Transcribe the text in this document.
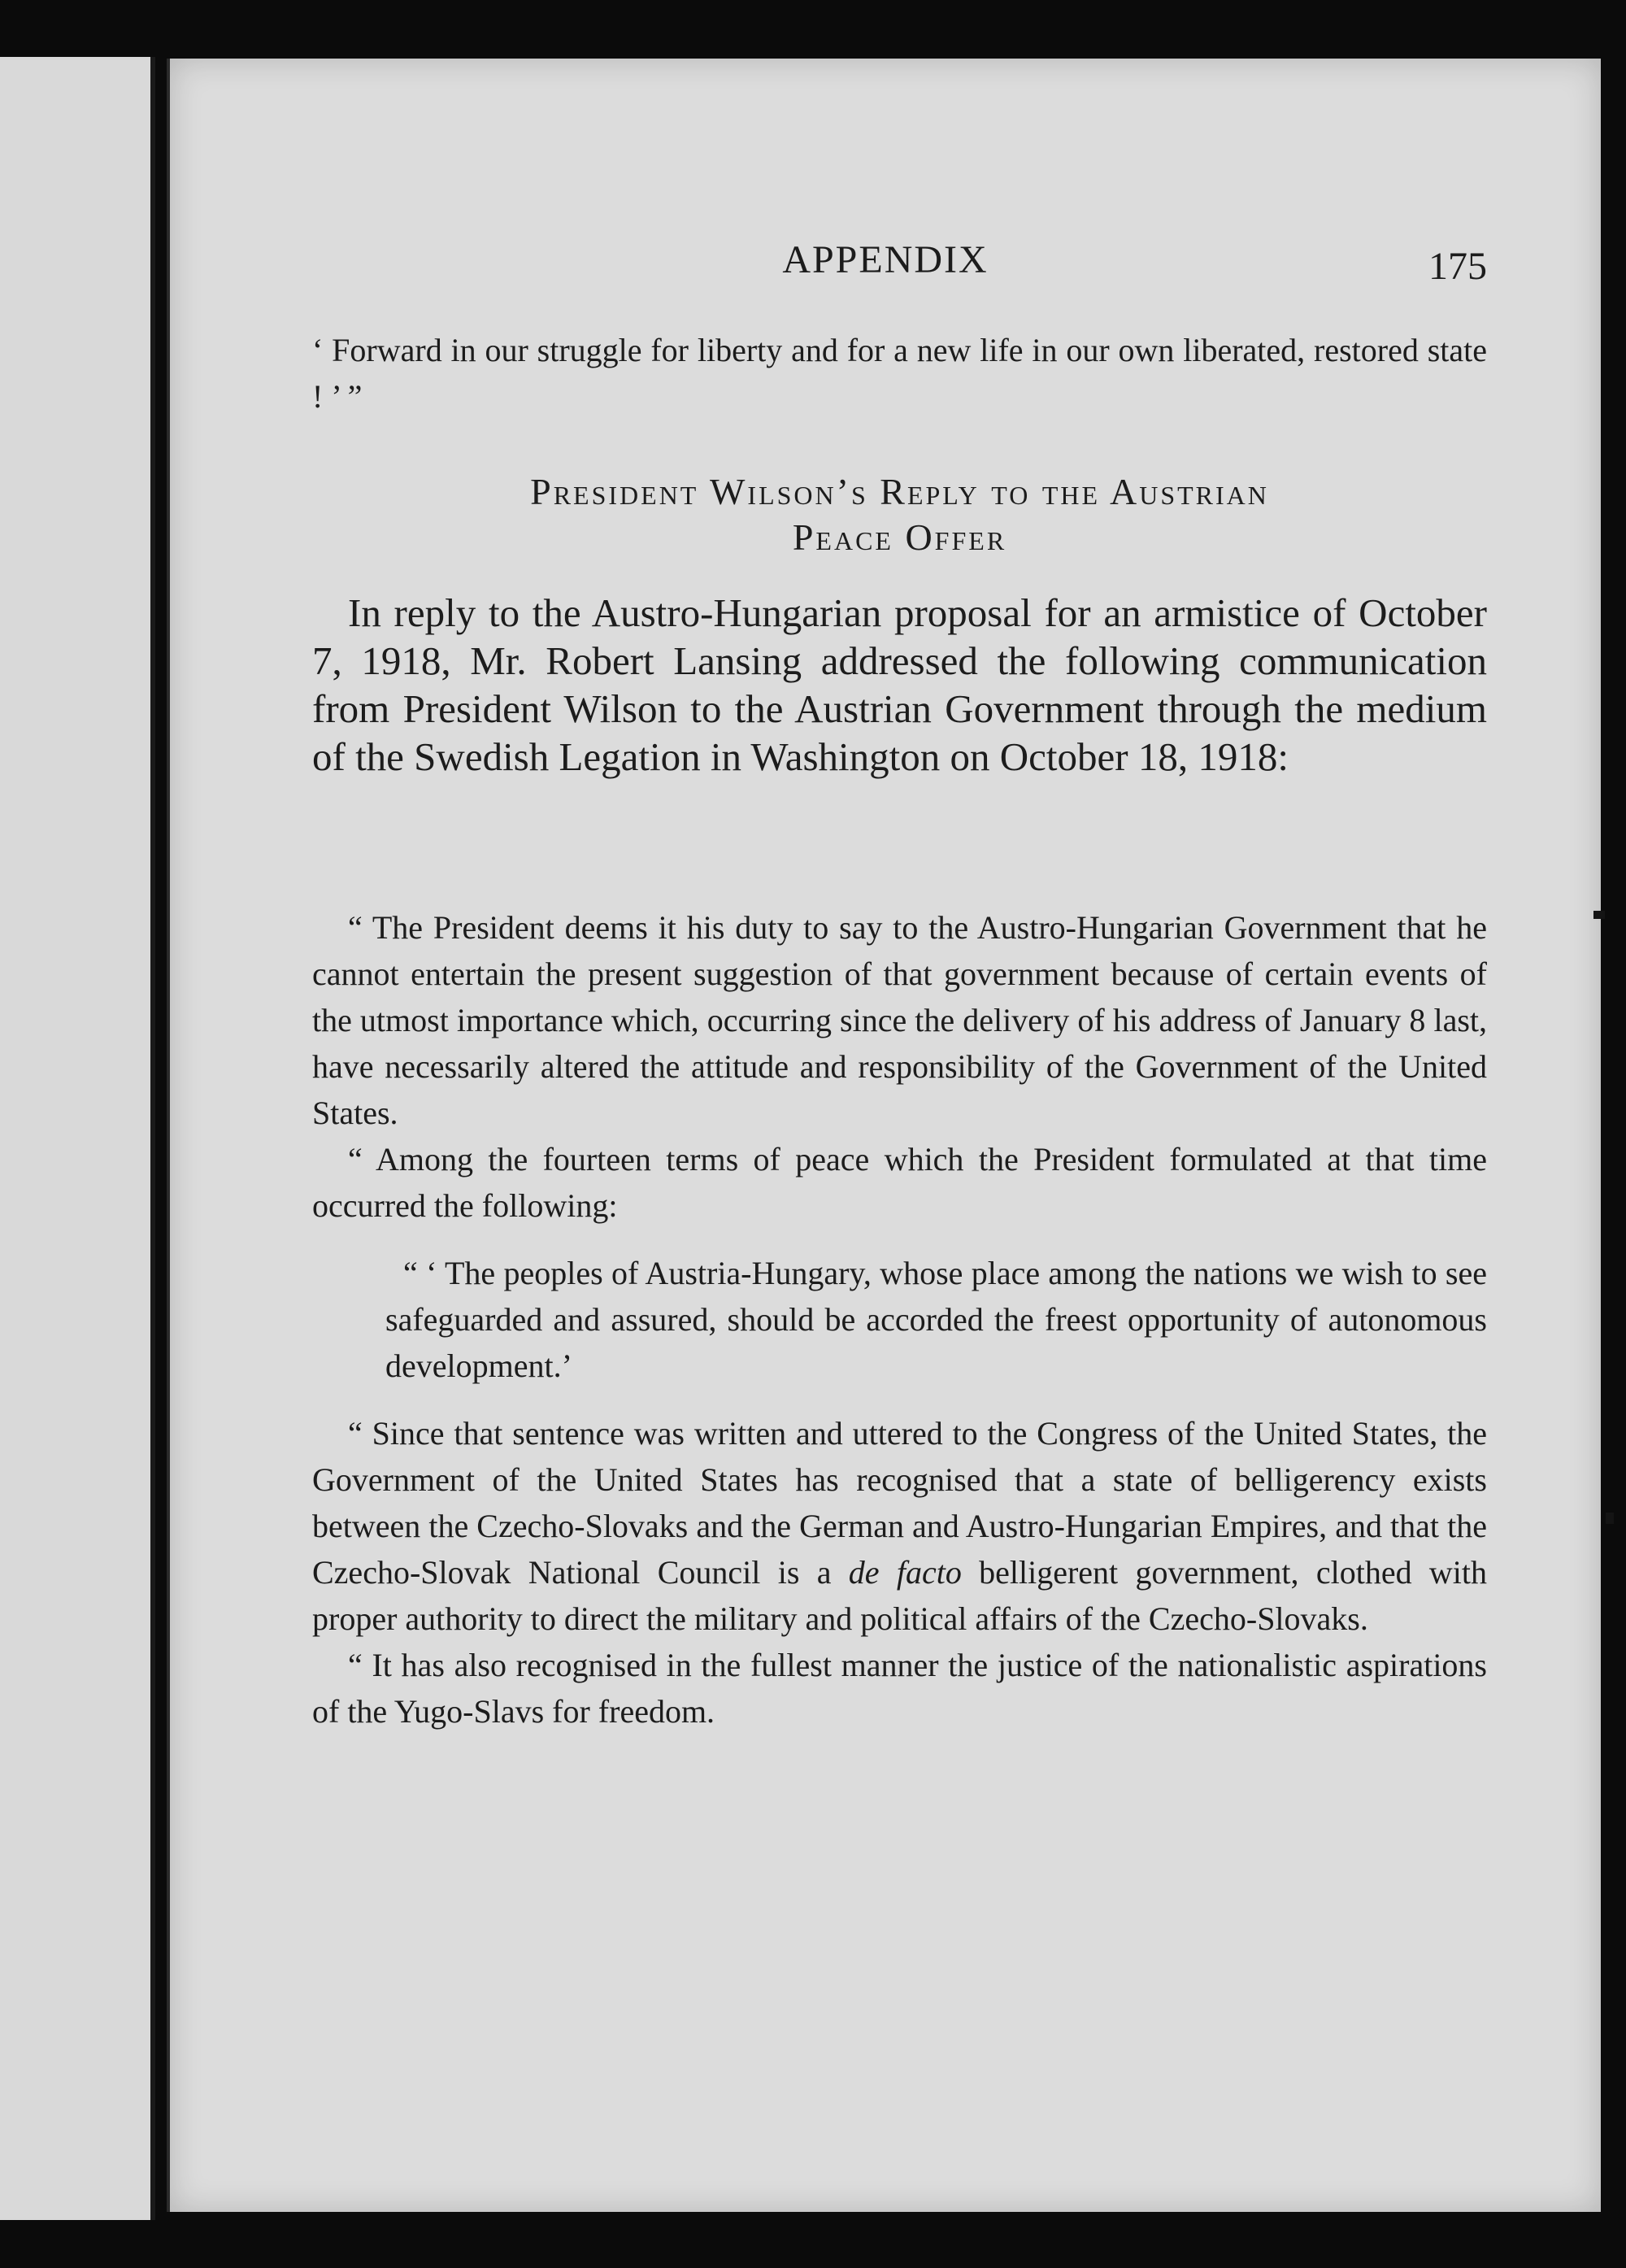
APPENDIX	175

‘ Forward in our struggle for liberty and for a new life in our own liberated, restored state ! ’ ”

President Wilson’s Reply to the Austrian
Peace Offer

In reply to the Austro-Hungarian proposal for an armistice of October 7, 1918, Mr. Robert Lansing addressed the following communication from President Wilson to the Austrian Government through the medium of the Swedish Legation in Washington on October 18, 1918:

“ The President deems it his duty to say to the Austro-Hungarian Government that he cannot entertain the present suggestion of that government because of certain events of the utmost importance which, occurring since the delivery of his address of January 8 last, have necessarily altered the attitude and responsibility of the Government of the United States.

“ Among the fourteen terms of peace which the President formulated at that time occurred the following:

“ ‘ The peoples of Austria-Hungary, whose place among the nations we wish to see safeguarded and assured, should be accorded the freest opportunity of autonomous development.’

“ Since that sentence was written and uttered to the Congress of the United States, the Government of the United States has recognised that a state of belligerency exists between the Czecho-Slovaks and the German and Austro-Hungarian Empires, and that the Czecho-Slovak National Council is a de facto belligerent government, clothed with proper authority to direct the military and political affairs of the Czecho-Slovaks.

“ It has also recognised in the fullest manner the justice of the nationalistic aspirations of the Yugo-Slavs for freedom.
